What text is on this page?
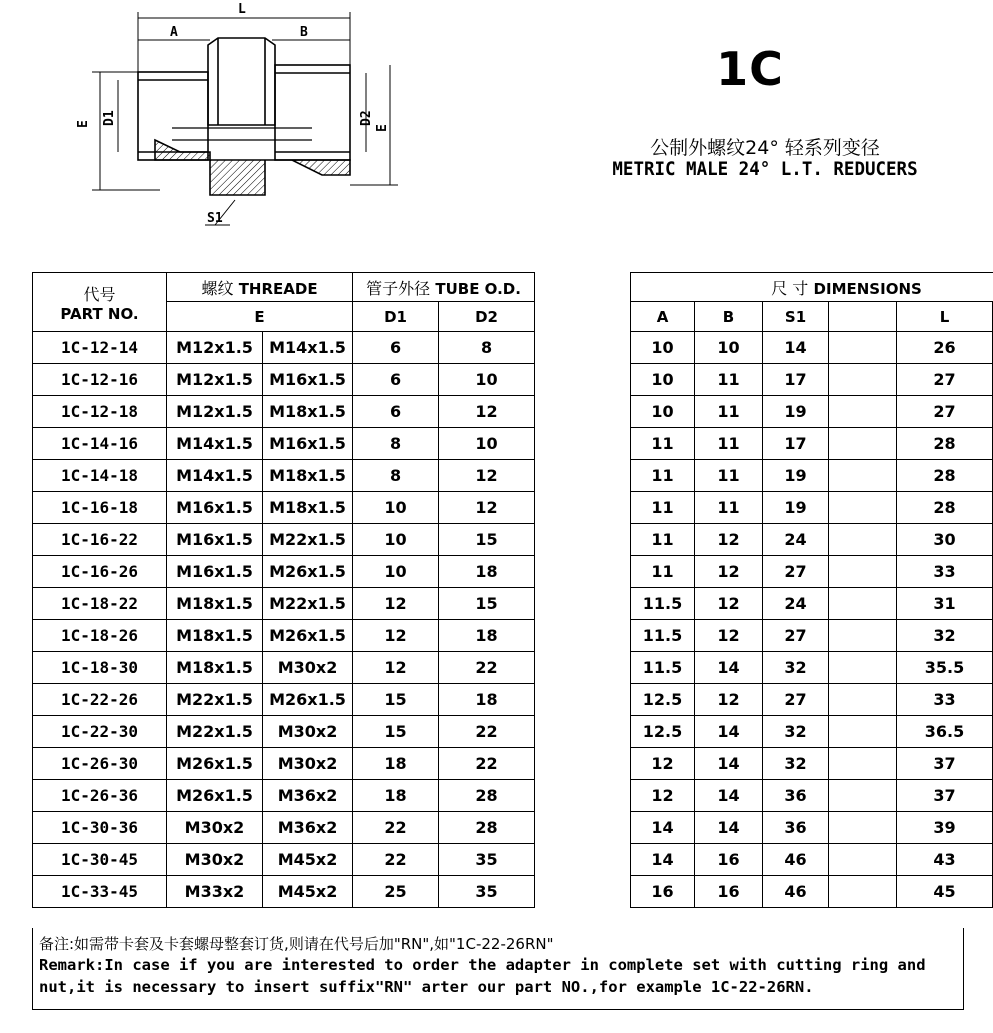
L
A	B
E D1	D2
E
S1
1C
公制外螺纹24° 轻系列变径
METRIC MALE 24° L.T. REDUCERS
代号
PART NO.	螺纹 THREADE		管子外径 TUBE O.D.			尺 寸 DIMENSIONS				
	E		D1	D2		A	B	S1		L
1C-12-14	M12x1.5	M14x1.5	6	8		10	10	14		26
1C-12-16	M12x1.5	M16x1.5	6	10		10	11	17		27
1C-12-18	M12x1.5	M18x1.5	6	12		10	11	19		27
1C-14-16	M14x1.5	M16x1.5	8	10		11	11	17		28
1C-14-18	M14x1.5	M18x1.5	8	12		11	11	19		28
1C-16-18	M16x1.5	M18x1.5	10	12		11	11	19		28
1C-16-22	M16x1.5	M22x1.5	10	15		11	12	24		30
1C-16-26	M16x1.5	M26x1.5	10	18		11	12	27		33
1C-18-22	M18x1.5	M22x1.5	12	15		11.5	12	24		31
1C-18-26	M18x1.5	M26x1.5	12	18		11.5	12	27		32
1C-18-30	M18x1.5	M30x2	12	22		11.5	14	32		35.5
1C-22-26	M22x1.5	M26x1.5	15	18		12.5	12	27		33
1C-22-30	M22x1.5	M30x2	15	22		12.5	14	32		36.5
1C-26-30	M26x1.5	M30x2	18	22		12	14	32		37
1C-26-36	M26x1.5	M36x2	18	28		12	14	36		37
1C-30-36	M30x2	M36x2	22	28		14	14	36		39
1C-30-45	M30x2	M45x2	22	35		14	16	46		43
1C-33-45	M33x2	M45x2	25	35		16	16	46		45
备注:如需带卡套及卡套螺母整套订货,则请在代号后加"RN",如"1C-22-26RN"
Remark:In case if you are interested to order the adapter in complete set with cutting ring and nut,it is necessary to insert suffix"RN" arter our part NO.,for example 1C-22-26RN.
